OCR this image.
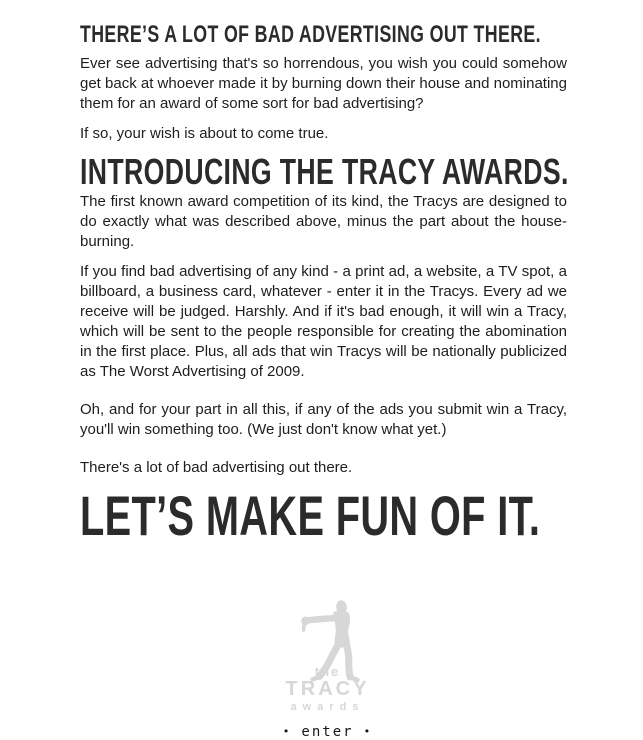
THERE’S A LOT OF BAD ADVERTISING OUT THERE.

Ever see advertising that's so horrendous, you wish you could somehow get back at whoever made it by burning down their house and nominating them for an award of some sort for bad advertising?

If so, your wish is about to come true.

INTRODUCING THE TRACY AWARDS.

The first known award competition of its kind, the Tracys are designed to do exactly what was described above, minus the part about the house-burning.

If you find bad advertising of any kind - a print ad, a website, a TV spot, a billboard, a business card, whatever - enter it in the Tracys. Every ad we receive will be judged. Harshly. And if it's bad enough, it will win a Tracy, which will be sent to the people responsible for creating the abomination in the first place. Plus, all ads that win Tracys will be nationally publicized as The Worst Advertising of 2009.

Oh, and for your part in all this, if any of the ads you submit win a Tracy, you'll win something too. (We just don't know what yet.)

There's a lot of bad advertising out there.

LET’S MAKE FUN OF IT.
the
TRACY
awards
• enter •
